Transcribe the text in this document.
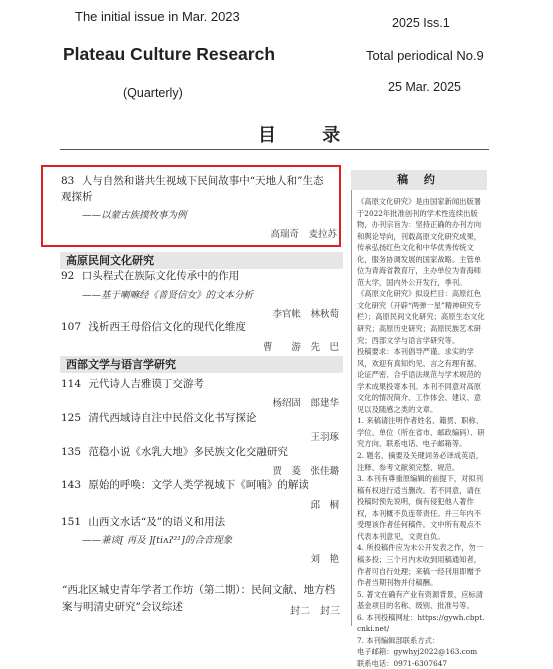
The initial issue in Mar. 2023
Plateau Culture Research
(Quarterly)
2025 Iss.1
Total periodical No.9
25 Mar. 2025
目 录
稿 约

《高原文化研究》是由国家新闻出版署于2022年批准创刊的学术性连续出版物，办刊宗旨为：坚持正确的办刊方向和舆论导向，刊载高原文化研究成果，传承弘扬红色文化和中华优秀传统文化，服务协调发展的国家战略。主管单位为青海省教育厅，主办单位为青海师范大学，国内外公开发行，季刊。

《高原文化研究》拟设栏目：高原红色文化研究（开辟“两弹一星”精神研究专栏）；高原民间文化研究；高原生态文化研究；高原历史研究；高原民族艺术研究；西部文学与语言学研究等。

投稿要求：本刊倡导严谨、求实的学风，欢迎有真知灼见、言之有理有据、论证严密、合乎语法规范与学术规范的学术成果投寄本刊。本刊不同意对高原文化的情况简介、工作体会、建议、意见以及随感之类的文章。

1. 来稿请注明作者姓名、籍贯、职称、学位、单位（所在省市、邮政编码）、研究方向、联系电话、电子邮箱等。

2. 题名、摘要及关键词务必译成英语，注释、参考文献须完整、规范。

3. 本刊有尊重原编辑的前提下，对拟刊稿有权进行适当删改。若不同意，请在投稿时预先说明，倘有侵犯他人著作权，本刊概不负连带责任。并三年内不受理该作者任何稿件。文中所有观点不代表本刊意见，文责自负。

4. 所投稿件应为未公开发表之作，勿一稿多投；三个月内未收到用稿通知者，作者可自行处理；来稿一经刊用即赠予作者当期刊物并付稿酬。

5. 著文在确有产业有资源背景，应标清基金项目的名称、级别、批准号等。

6. 本刊投稿网址：https://gywh.cbpt.cnki.net/

7. 本刊编辑部联系方式：

电子邮箱：gywhyj2022@163.com

联系电话：0971-6307647

83 人与自然和谐共生视域下民间故事中“天地人和”生态
观探析
——以蒙古族摸牧事为例
高瑞奇　麦拉苏
高原民间文化研究
92 口头程式在族际文化传承中的作用
——基于喇嘛经《普贤信女》的文本分析
李官帐　林秋萄
107 浅析西王母俗信文化的现代化维度
曹　　游　先　巴
西部文学与语言学研究
114 元代诗人吉雅谟丁交游考
杨绍固　郎建华
125 清代西域诗自注中民俗文化书写探论
王羽琢
135 范稳小说《水乳大地》多民族文化交融研究
贾　菱　张佳璐
143 原始的呼唤：文学人类学视域下《呵喃》的解读
邱　桐
151 山西文水话“及”的语义和用法
——兼谈[ 再及 ][tiʌʔ²¹]的合音现象
刘　艳
“西北区城史青年学者工作坊（第二期）：民间文献、地方档
案与明清史研究”会议综述	封二　封三
